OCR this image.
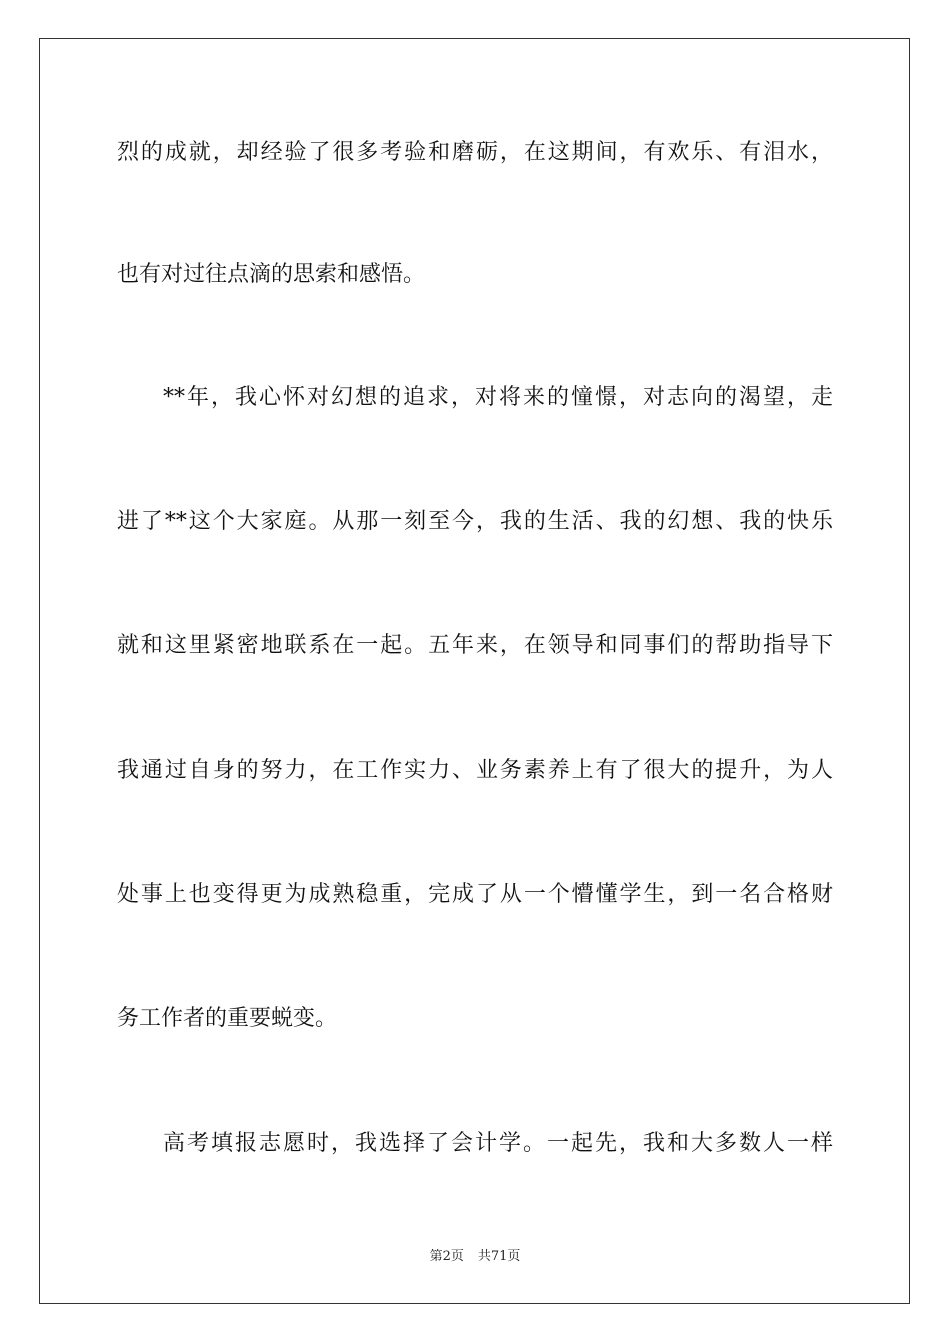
烈的成就，却经验了很多考验和磨砺，在这期间，有欢乐、有泪水，
也有对过往点滴的思索和感悟。
**年，我心怀对幻想的追求，对将来的憧憬，对志向的渴望，走
进了**这个大家庭。从那一刻至今，我的生活、我的幻想、我的快乐
就和这里紧密地联系在一起。五年来，在领导和同事们的帮助指导下
我通过自身的努力，在工作实力、业务素养上有了很大的提升，为人
处事上也变得更为成熟稳重，完成了从一个懵懂学生，到一名合格财
务工作者的重要蜕变。
高考填报志愿时，我选择了会计学。一起先，我和大多数人一样
第2页 共71页
